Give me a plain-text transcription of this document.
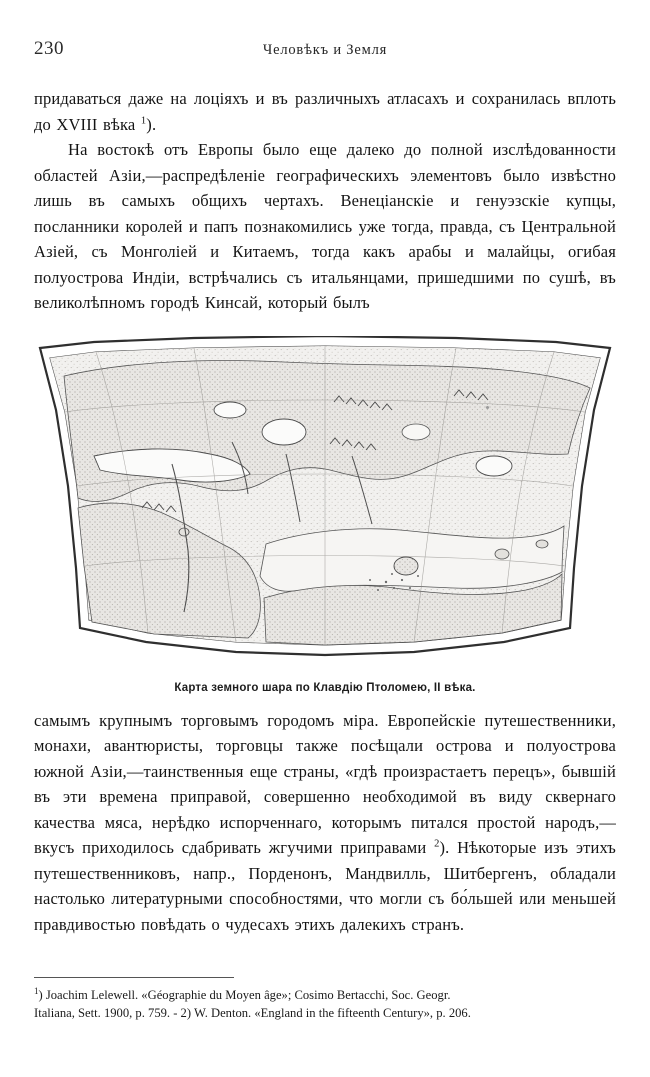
230	Человѣкъ и Земля

придаваться даже на лоціяхъ и въ различныхъ атласахъ и сохранилась вплоть до XVIII вѣка $^1$).

На востокѣ отъ Европы было еще далеко до полной изслѣдованности областей Азіи,—распредѣленіе географическихъ элементовъ было извѣстно лишь въ самыхъ общихъ чертахъ. Венеціанскіе и генуэзскіе купцы, посланники королей и папъ познакомились уже тогда, правда, съ Центральной Азіей, съ Монголіей и Китаемъ, тогда какъ арабы и малайцы, огибая полуострова Индіи, встрѣчались съ итальянцами, пришедшими по сушѣ, въ великолѣпномъ городѣ Кинсай, который былъ

Карта земного шара по Клавдію Птоломею, II вѣка.

самымъ крупнымъ торговымъ городомъ міра. Европейскіе путешественники, монахи, авантюристы, торговцы также посѣщали острова и полуострова южной Азіи,—таинственныя еще страны, «гдѣ произрастаетъ перецъ», бывшій въ эти времена приправой, совершенно необходимой въ виду сквернаго качества мяса, нерѣдко испорченнаго, которымъ питался простой народъ,—вкусъ приходилось сдабривать жгучими приправами $^2$). Нѣкоторые изъ этихъ путешественниковъ, напр., Порденонъ, Мандвилль, Шитбергенъ, обладали настолько литературными способностями, что могли съ бо́льшей или меньшей правдивостью повѣдать о чудесахъ этихъ далекихъ странъ.

$^1$) Joachim Lelewell. «Géographie du Moyen âge»; Cosimo Bertacchi, Soc. Geogr.
Italiana, Sett. 1900, p. 759. - 2) W. Denton. «England in the fifteenth Century», p. 206.
